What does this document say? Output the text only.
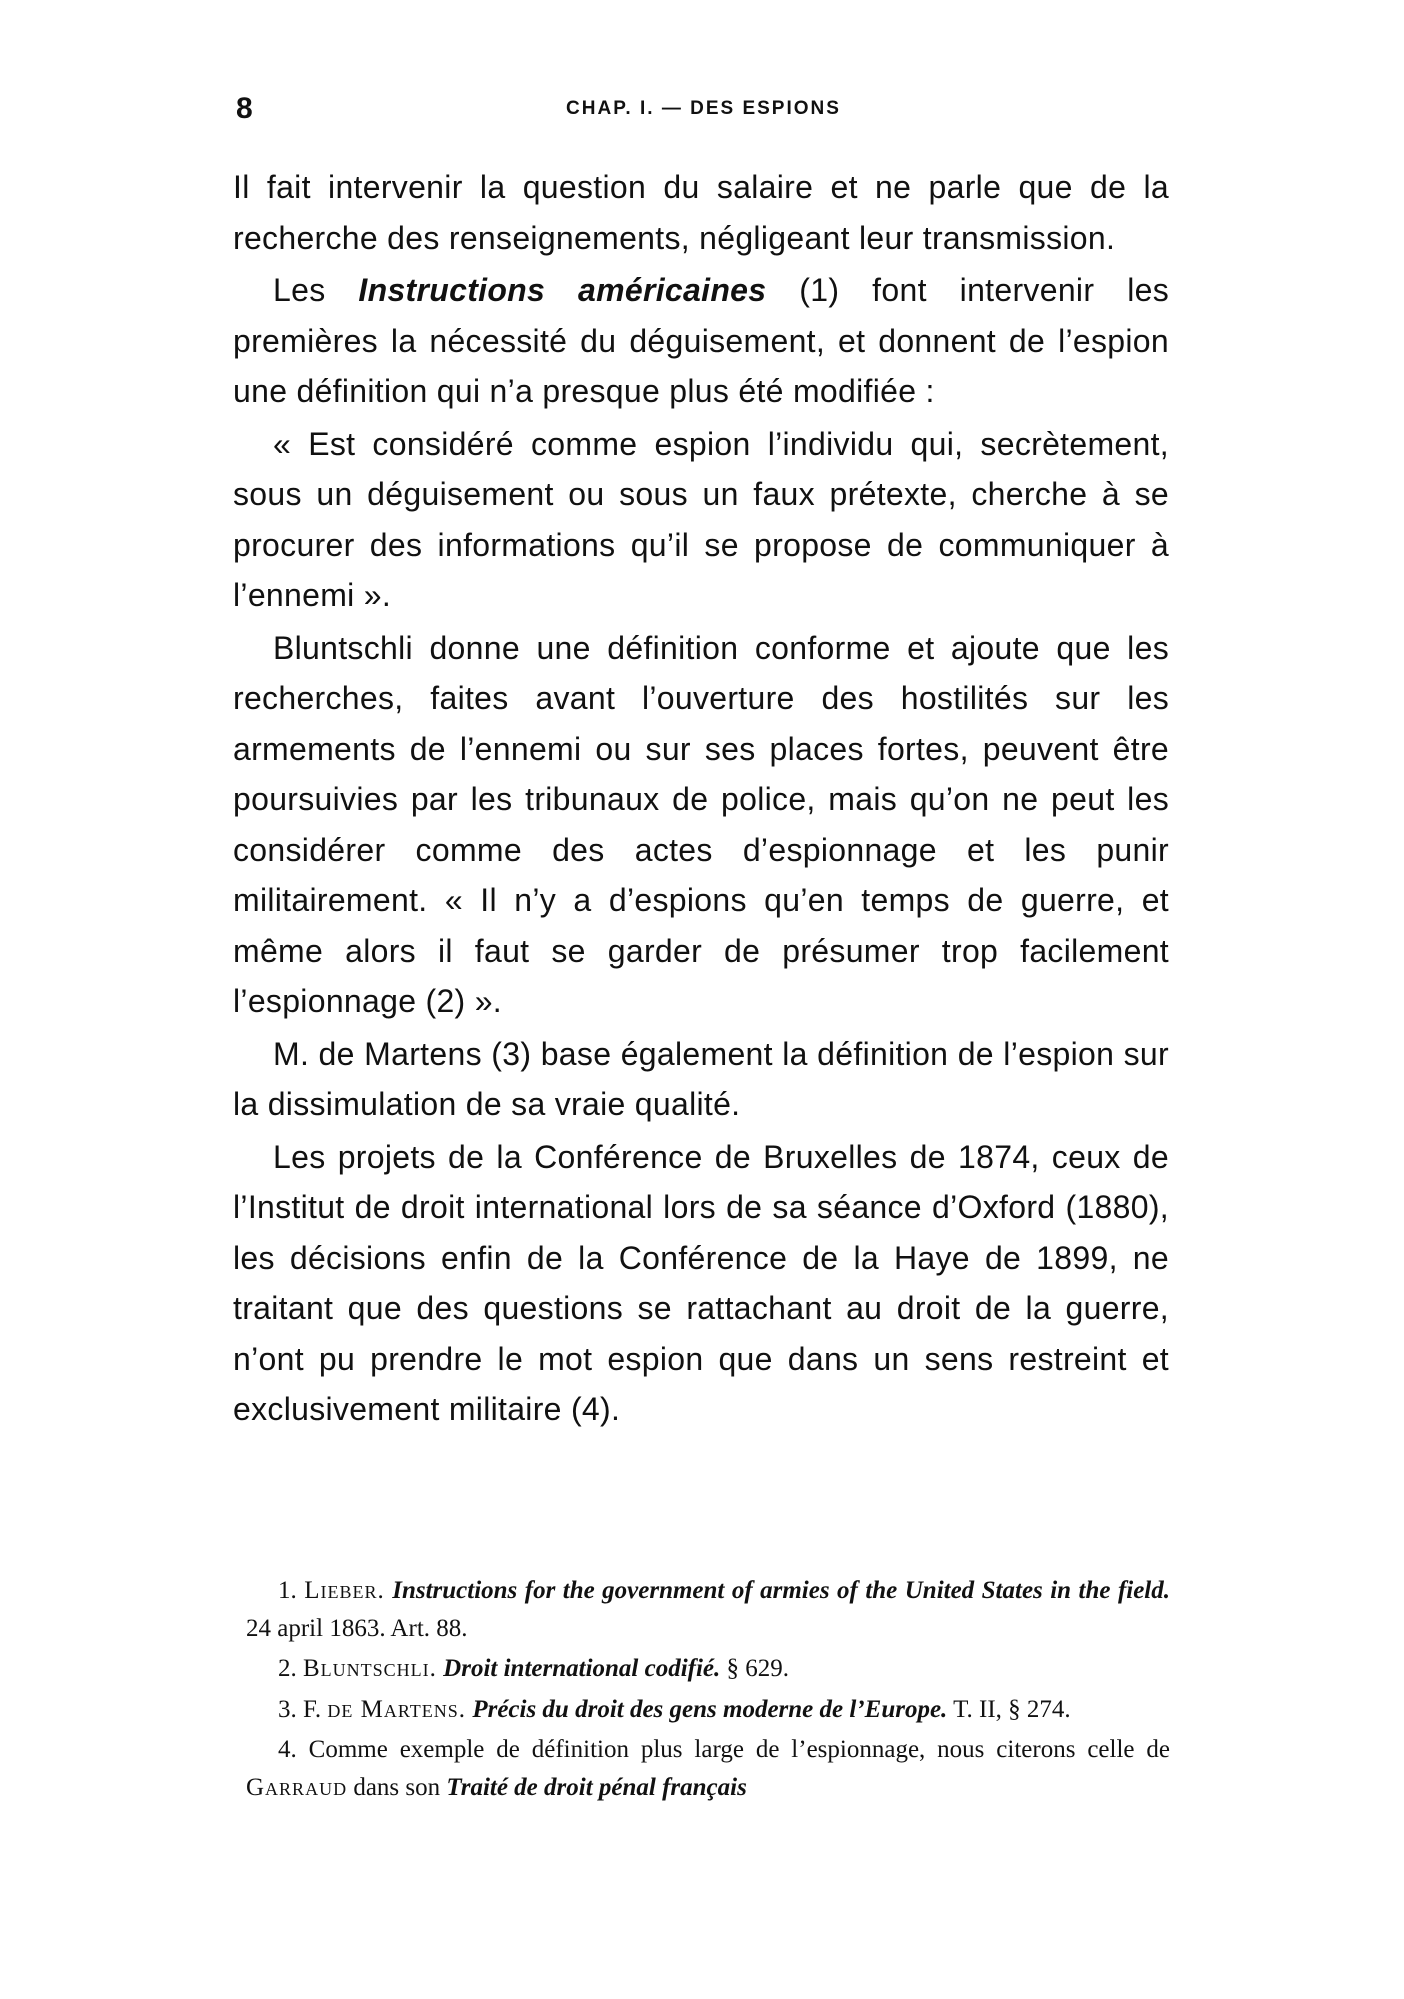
8	CHAP. I. — DES ESPIONS

Il fait intervenir la question du salaire et ne parle que de la recherche des renseignements, négligeant leur transmission.

Les Instructions américaines (1) font intervenir les premières la nécessité du déguisement, et donnent de l’espion une définition qui n’a presque plus été modifiée :

« Est considéré comme espion l’individu qui, secrètement, sous un déguisement ou sous un faux prétexte, cherche à se procurer des informations qu’il se propose de communiquer à l’ennemi ».

Bluntschli donne une définition conforme et ajoute que les recherches, faites avant l’ouverture des hostilités sur les armements de l’ennemi ou sur ses places fortes, peuvent être poursuivies par les tribunaux de police, mais qu’on ne peut les considérer comme des actes d’espionnage et les punir militairement. « Il n’y a d’espions qu’en temps de guerre, et même alors il faut se garder de présumer trop facilement l’espionnage (2) ».

M. de Martens (3) base également la définition de l’espion sur la dissimulation de sa vraie qualité.

Les projets de la Conférence de Bruxelles de 1874, ceux de l’Institut de droit international lors de sa séance d’Oxford (1880), les décisions enfin de la Conférence de la Haye de 1899, ne traitant que des questions se rattachant au droit de la guerre, n’ont pu prendre le mot espion que dans un sens restreint et exclusivement militaire (4).

1. Lieber. Instructions for the government of armies of the United States in the field. 24 april 1863. Art. 88.

2. Bluntschli. Droit international codifié. § 629.

3. F. de Martens. Précis du droit des gens moderne de l’Europe. T. II, § 274.

4. Comme exemple de définition plus large de l’espionnage, nous citerons celle de Garraud dans son Traité de droit pénal français
